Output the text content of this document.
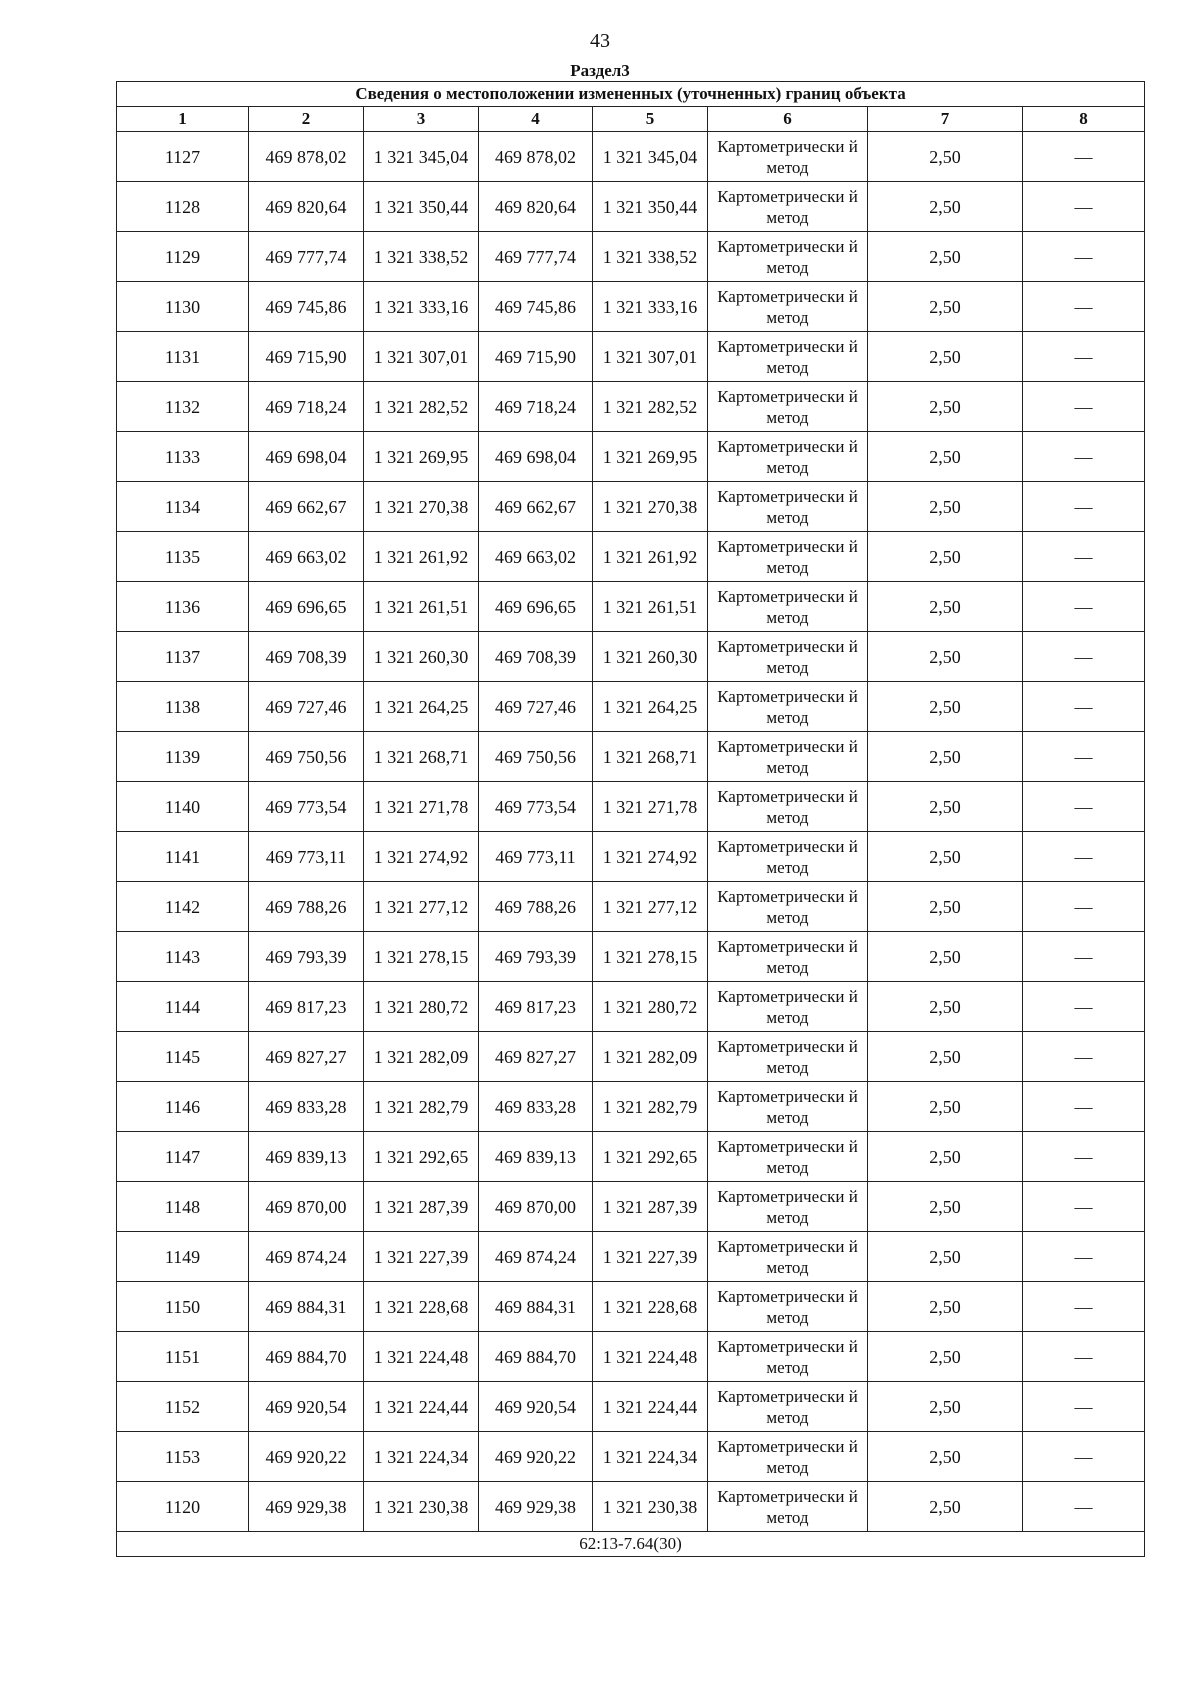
43
Раздел3
Сведения о местоположении измененных (уточненных) границ объекта							
1	2	3	4	5	6	7	8
1127	469 878,02	1 321 345,04	469 878,02	1 321 345,04	Картометрически й метод	2,50	—
1128	469 820,64	1 321 350,44	469 820,64	1 321 350,44	Картометрически й метод	2,50	—
1129	469 777,74	1 321 338,52	469 777,74	1 321 338,52	Картометрически й метод	2,50	—
1130	469 745,86	1 321 333,16	469 745,86	1 321 333,16	Картометрически й метод	2,50	—
1131	469 715,90	1 321 307,01	469 715,90	1 321 307,01	Картометрически й метод	2,50	—
1132	469 718,24	1 321 282,52	469 718,24	1 321 282,52	Картометрически й метод	2,50	—
1133	469 698,04	1 321 269,95	469 698,04	1 321 269,95	Картометрически й метод	2,50	—
1134	469 662,67	1 321 270,38	469 662,67	1 321 270,38	Картометрически й метод	2,50	—
1135	469 663,02	1 321 261,92	469 663,02	1 321 261,92	Картометрически й метод	2,50	—
1136	469 696,65	1 321 261,51	469 696,65	1 321 261,51	Картометрически й метод	2,50	—
1137	469 708,39	1 321 260,30	469 708,39	1 321 260,30	Картометрически й метод	2,50	—
1138	469 727,46	1 321 264,25	469 727,46	1 321 264,25	Картометрически й метод	2,50	—
1139	469 750,56	1 321 268,71	469 750,56	1 321 268,71	Картометрически й метод	2,50	—
1140	469 773,54	1 321 271,78	469 773,54	1 321 271,78	Картометрически й метод	2,50	—
1141	469 773,11	1 321 274,92	469 773,11	1 321 274,92	Картометрически й метод	2,50	—
1142	469 788,26	1 321 277,12	469 788,26	1 321 277,12	Картометрически й метод	2,50	—
1143	469 793,39	1 321 278,15	469 793,39	1 321 278,15	Картометрически й метод	2,50	—
1144	469 817,23	1 321 280,72	469 817,23	1 321 280,72	Картометрически й метод	2,50	—
1145	469 827,27	1 321 282,09	469 827,27	1 321 282,09	Картометрически й метод	2,50	—
1146	469 833,28	1 321 282,79	469 833,28	1 321 282,79	Картометрически й метод	2,50	—
1147	469 839,13	1 321 292,65	469 839,13	1 321 292,65	Картометрически й метод	2,50	—
1148	469 870,00	1 321 287,39	469 870,00	1 321 287,39	Картометрически й метод	2,50	—
1149	469 874,24	1 321 227,39	469 874,24	1 321 227,39	Картометрически й метод	2,50	—
1150	469 884,31	1 321 228,68	469 884,31	1 321 228,68	Картометрически й метод	2,50	—
1151	469 884,70	1 321 224,48	469 884,70	1 321 224,48	Картометрически й метод	2,50	—
1152	469 920,54	1 321 224,44	469 920,54	1 321 224,44	Картометрически й метод	2,50	—
1153	469 920,22	1 321 224,34	469 920,22	1 321 224,34	Картометрически й метод	2,50	—
1120	469 929,38	1 321 230,38	469 929,38	1 321 230,38	Картометрически й метод	2,50	—
62:13-7.64(30)							
